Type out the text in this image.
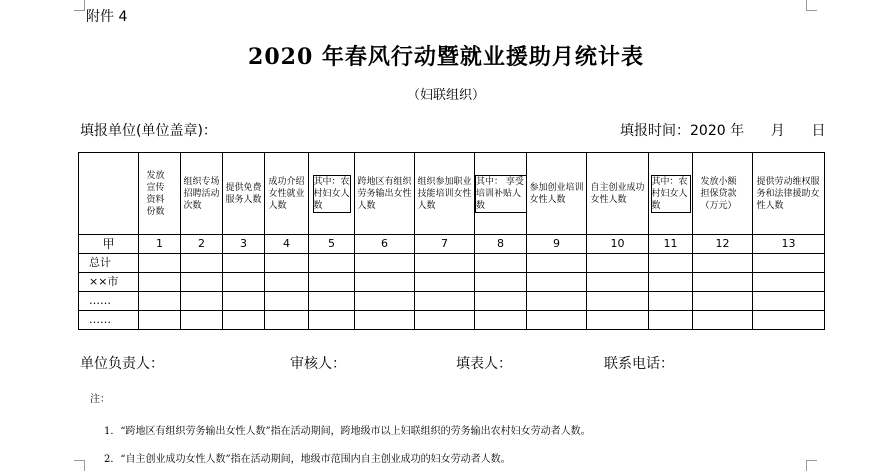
附件 4
2020 年春风行动暨就业援助月统计表
（妇联组织）
填报单位(单位盖章)：	填报时间：2020 年      月      日
	发放宣传资料份数	组织专场招聘活动次数	提供免费服务人数	成功介绍女性就业人数	其中：农村妇女人数	跨地区有组织劳务输出女性人数	组织参加职业技能培训女性人数	其中： 享受培训补贴人数	参加创业培训女性人数	自主创业成功女性人数	其中：农村妇女人数	发放小额担保贷款（万元）	提供劳动维权服务和法律援助女性人数
甲	1	2	3	4	5	6	7	8	9	10	11	12	13
总计													
××市													
……													
……													
单位负责人：	审核人：	填表人：	联系电话：
注：
1．“跨地区有组织劳务输出女性人数”指在活动期间，跨地级市以上妇联组织的劳务输出农村妇女劳动者人数。
2．“自主创业成功女性人数”指在活动期间，地级市范围内自主创业成功的妇女劳动者人数。
